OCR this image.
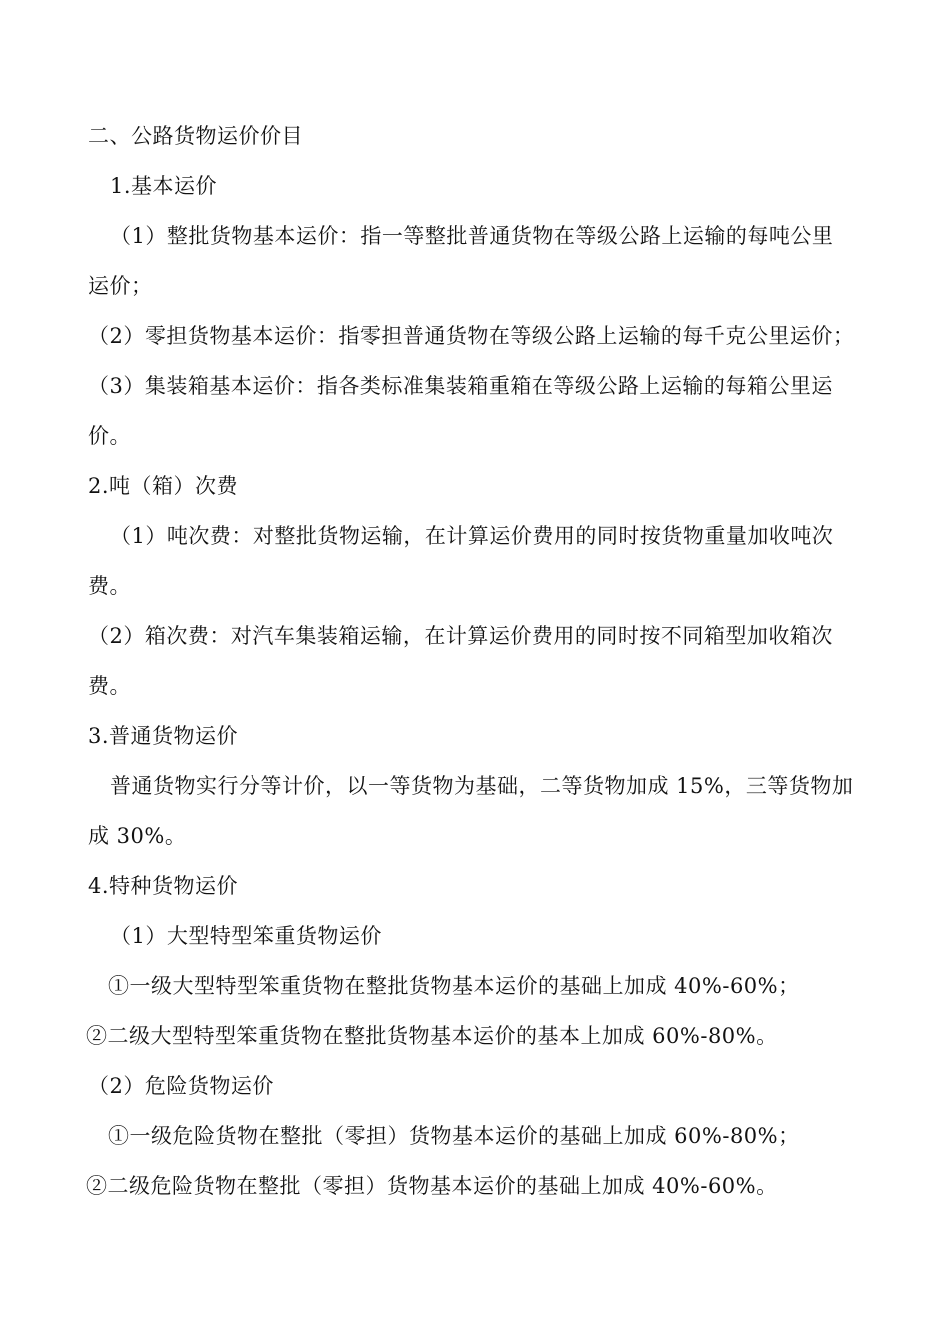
二、公路货物运价价目
1.基本运价
（1）整批货物基本运价：指一等整批普通货物在等级公路上运输的每吨公里
运价；
（2）零担货物基本运价：指零担普通货物在等级公路上运输的每千克公里运价；
（3）集装箱基本运价：指各类标准集装箱重箱在等级公路上运输的每箱公里运
价。
2.吨（箱）次费
（1）吨次费：对整批货物运输，在计算运价费用的同时按货物重量加收吨次
费。
（2）箱次费：对汽车集装箱运输，在计算运价费用的同时按不同箱型加收箱次
费。
3.普通货物运价
普通货物实行分等计价，以一等货物为基础，二等货物加成 15%，三等货物加
成 30%。
4.特种货物运价
（1）大型特型笨重货物运价
①一级大型特型笨重货物在整批货物基本运价的基础上加成 40%-60%；
②二级大型特型笨重货物在整批货物基本运价的基本上加成 60%-80%。
（2）危险货物运价
①一级危险货物在整批（零担）货物基本运价的基础上加成 60%-80%；
②二级危险货物在整批（零担）货物基本运价的基础上加成 40%-60%。
